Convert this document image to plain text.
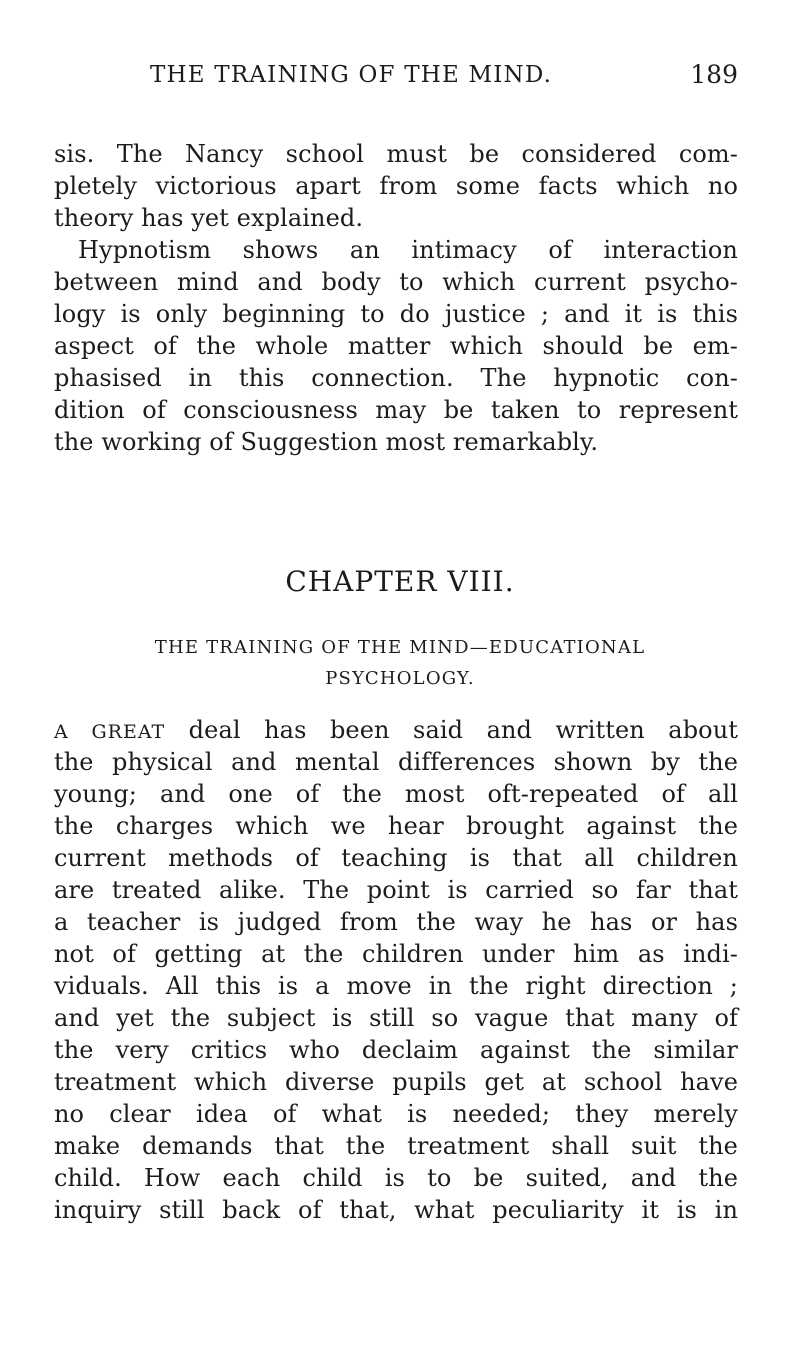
THE TRAINING OF THE MIND.	189
sis. The Nancy school must be considered com-
pletely victorious apart from some facts which no
theory has yet explained.
Hypnotism shows an intimacy of interaction
between mind and body to which current psycho-
logy is only beginning to do justice ; and it is this
aspect of the whole matter which should be em-
phasised in this connection. The hypnotic con-
dition of consciousness may be taken to represent
the working of Suggestion most remarkably.
CHAPTER VIII.
THE TRAINING OF THE MIND—EDUCATIONAL
PSYCHOLOGY.
A GREAT deal has been said and written about
the physical and mental differences shown by the
young; and one of the most oft-repeated of all
the charges which we hear brought against the
current methods of teaching is that all children
are treated alike. The point is carried so far that
a teacher is judged from the way he has or has
not of getting at the children under him as indi-
viduals. All this is a move in the right direction ;
and yet the subject is still so vague that many of
the very critics who declaim against the similar
treatment which diverse pupils get at school have
no clear idea of what is needed; they merely
make demands that the treatment shall suit the
child. How each child is to be suited, and the
inquiry still back of that, what peculiarity it is in
